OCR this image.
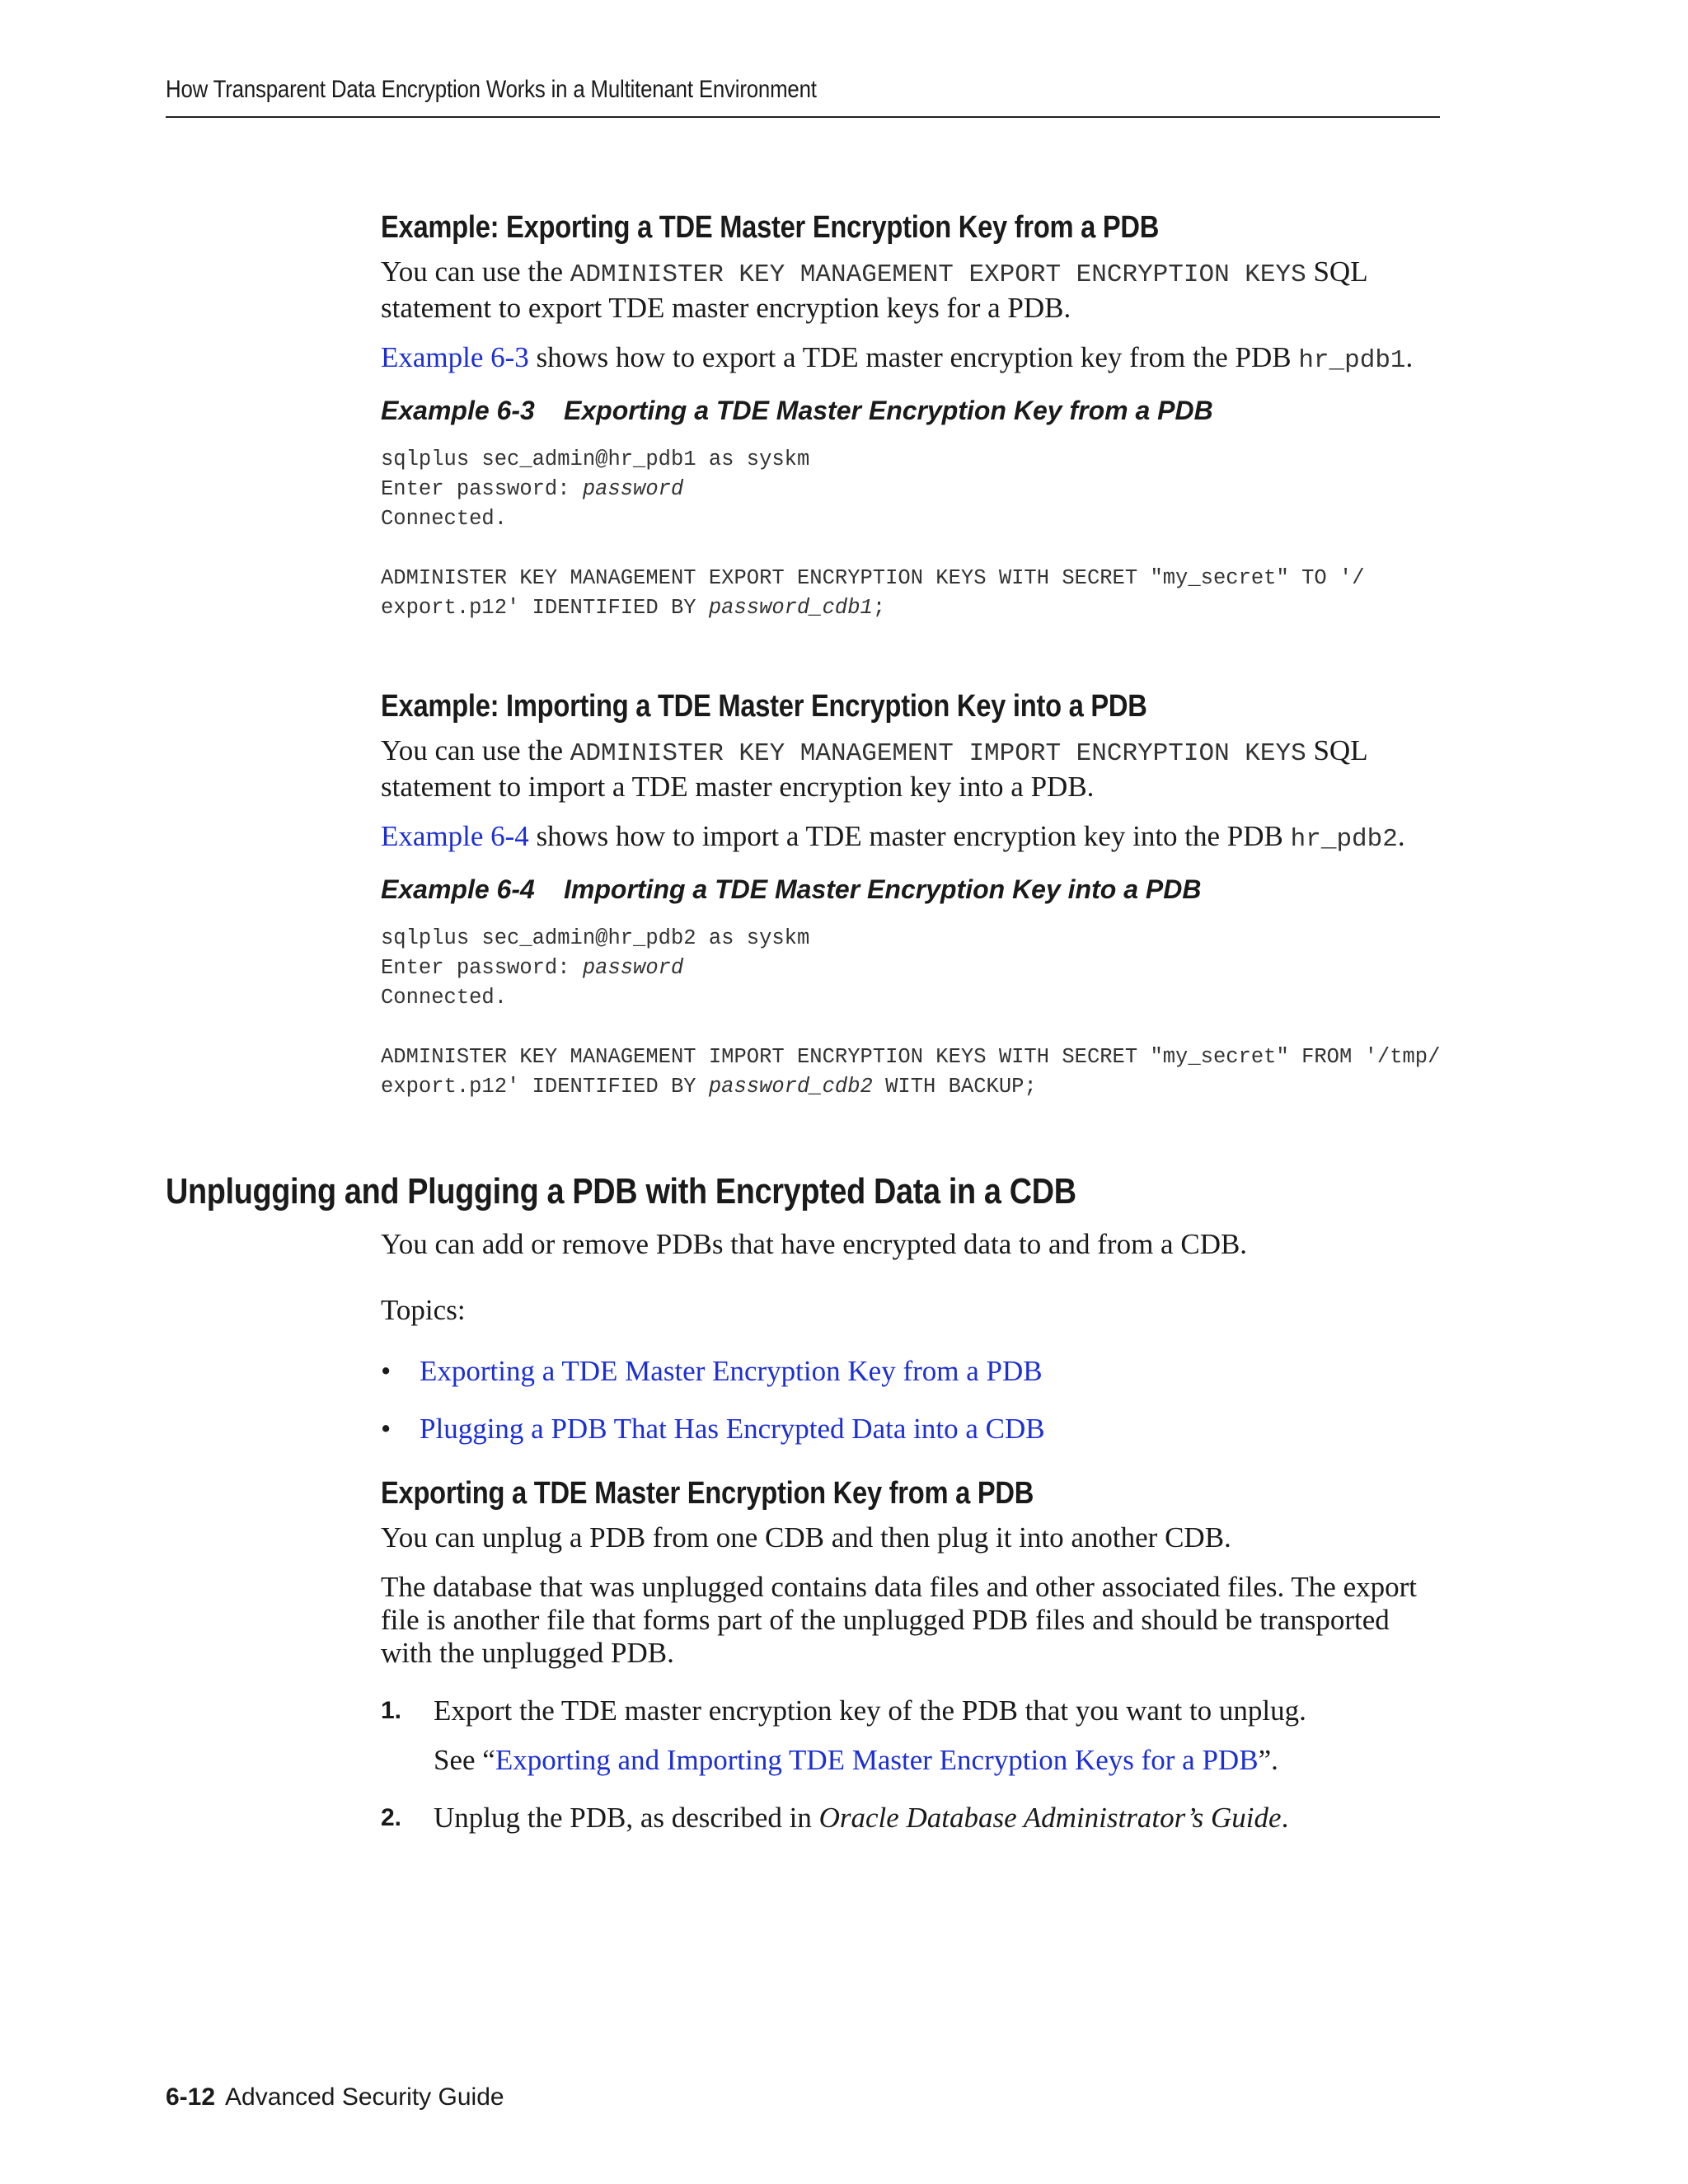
How Transparent Data Encryption Works in a Multitenant Environment
Example: Exporting a TDE Master Encryption Key from a PDB

You can use the ADMINISTER KEY MANAGEMENT EXPORT ENCRYPTION KEYS SQL statement to export TDE master encryption keys for a PDB.

Example 6-3 shows how to export a TDE master encryption key from the PDB hr_pdb1.

Example 6-3 Exporting a TDE Master Encryption Key from a PDB
sqlplus sec_admin@hr_pdb1 as syskm
Enter password: password
Connected.
ADMINISTER KEY MANAGEMENT EXPORT ENCRYPTION KEYS WITH SECRET "my_secret" TO '/
export.p12' IDENTIFIED BY password_cdb1;
Example: Importing a TDE Master Encryption Key into a PDB

You can use the ADMINISTER KEY MANAGEMENT IMPORT ENCRYPTION KEYS SQL statement to import a TDE master encryption key into a PDB.

Example 6-4 shows how to import a TDE master encryption key into the PDB hr_pdb2.

Example 6-4 Importing a TDE Master Encryption Key into a PDB
sqlplus sec_admin@hr_pdb2 as syskm
Enter password: password
Connected.
ADMINISTER KEY MANAGEMENT IMPORT ENCRYPTION KEYS WITH SECRET "my_secret" FROM '/tmp/
export.p12' IDENTIFIED BY password_cdb2 WITH BACKUP;
Unplugging and Plugging a PDB with Encrypted Data in a CDB

You can add or remove PDBs that have encrypted data to and from a CDB.

Topics:

• Exporting a TDE Master Encryption Key from a PDB
• Plugging a PDB That Has Encrypted Data into a CDB
Exporting a TDE Master Encryption Key from a PDB

You can unplug a PDB from one CDB and then plug it into another CDB.

The database that was unplugged contains data files and other associated files. The export file is another file that forms part of the unplugged PDB files and should be transported with the unplugged PDB.

1. Export the TDE master encryption key of the PDB that you want to unplug.
See “Exporting and Importing TDE Master Encryption Keys for a PDB”.
2. Unplug the PDB, as described in Oracle Database Administrator’s Guide.
6-12 Advanced Security Guide
